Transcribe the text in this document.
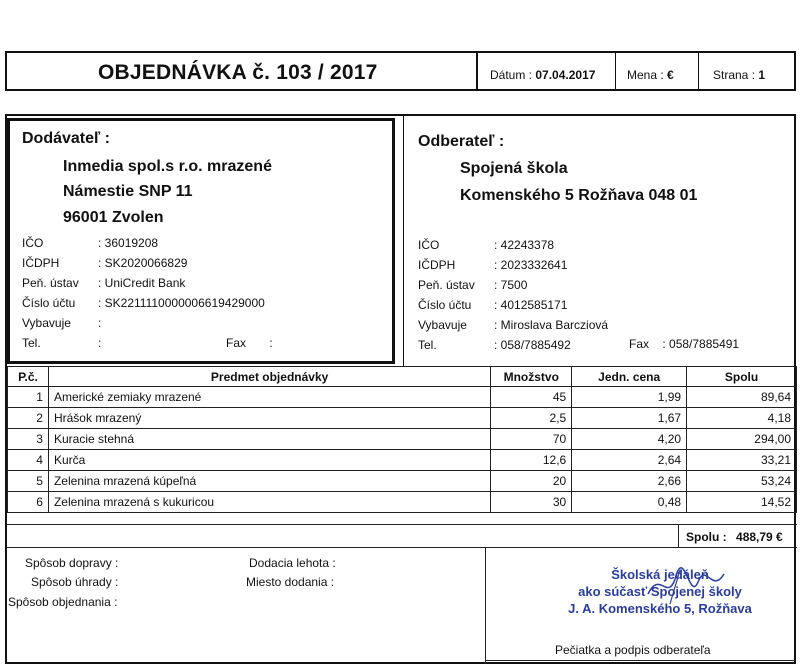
OBJEDNÁVKA č. 103 / 2017	Dátum : 07.04.2017	Mena : €	Strana : 1
Dodávateľ :
Inmedia spol.s r.o. mrazené
Námestie SNP 11
96001 Zvolen
IČO	: 36019208
IČDPH	: SK2020066829
Peň. ústav : UniCredit Bank
Číslo účtu : SK2211110000006619429000
Vybavuje :
Tel.	:	Fax :
Odberateľ :
Spojená škola
Komenského 5 Rožňava 048 01
IČO	: 42243378
IČDPH	: 2023332641
Peň. ústav : 7500
Číslo účtu : 4012585171
Vybavuje : Miroslava Barcziová
Tel.	: 058/7885492	Fax : 058/7885491
P.č.	Predmet objednávky	Množstvo	Jedn. cena	Spolu
1	Americké zemiaky mrazené	45	1,99	89,64
2	Hrášok mrazený	2,5	1,67	4,18
3	Kuracie stehná	70	4,20	294,00
4	Kurča	12,6	2,64	33,21
5	Zelenina mrazená kúpeľná	20	2,66	53,24
6	Zelenina mrazená s kukuricou	30	0,48	14,52
Spolu : 488,79 €
Spôsob dopravy :
Spôsob úhrady :
Spôsob objednania :
Dodacia lehota :
Miesto dodania :	Školská jedáleň
ako súčasť Spojenej školy
J. A. Komenského 5, Rožňava
Pečiatka a podpis odberateľa
